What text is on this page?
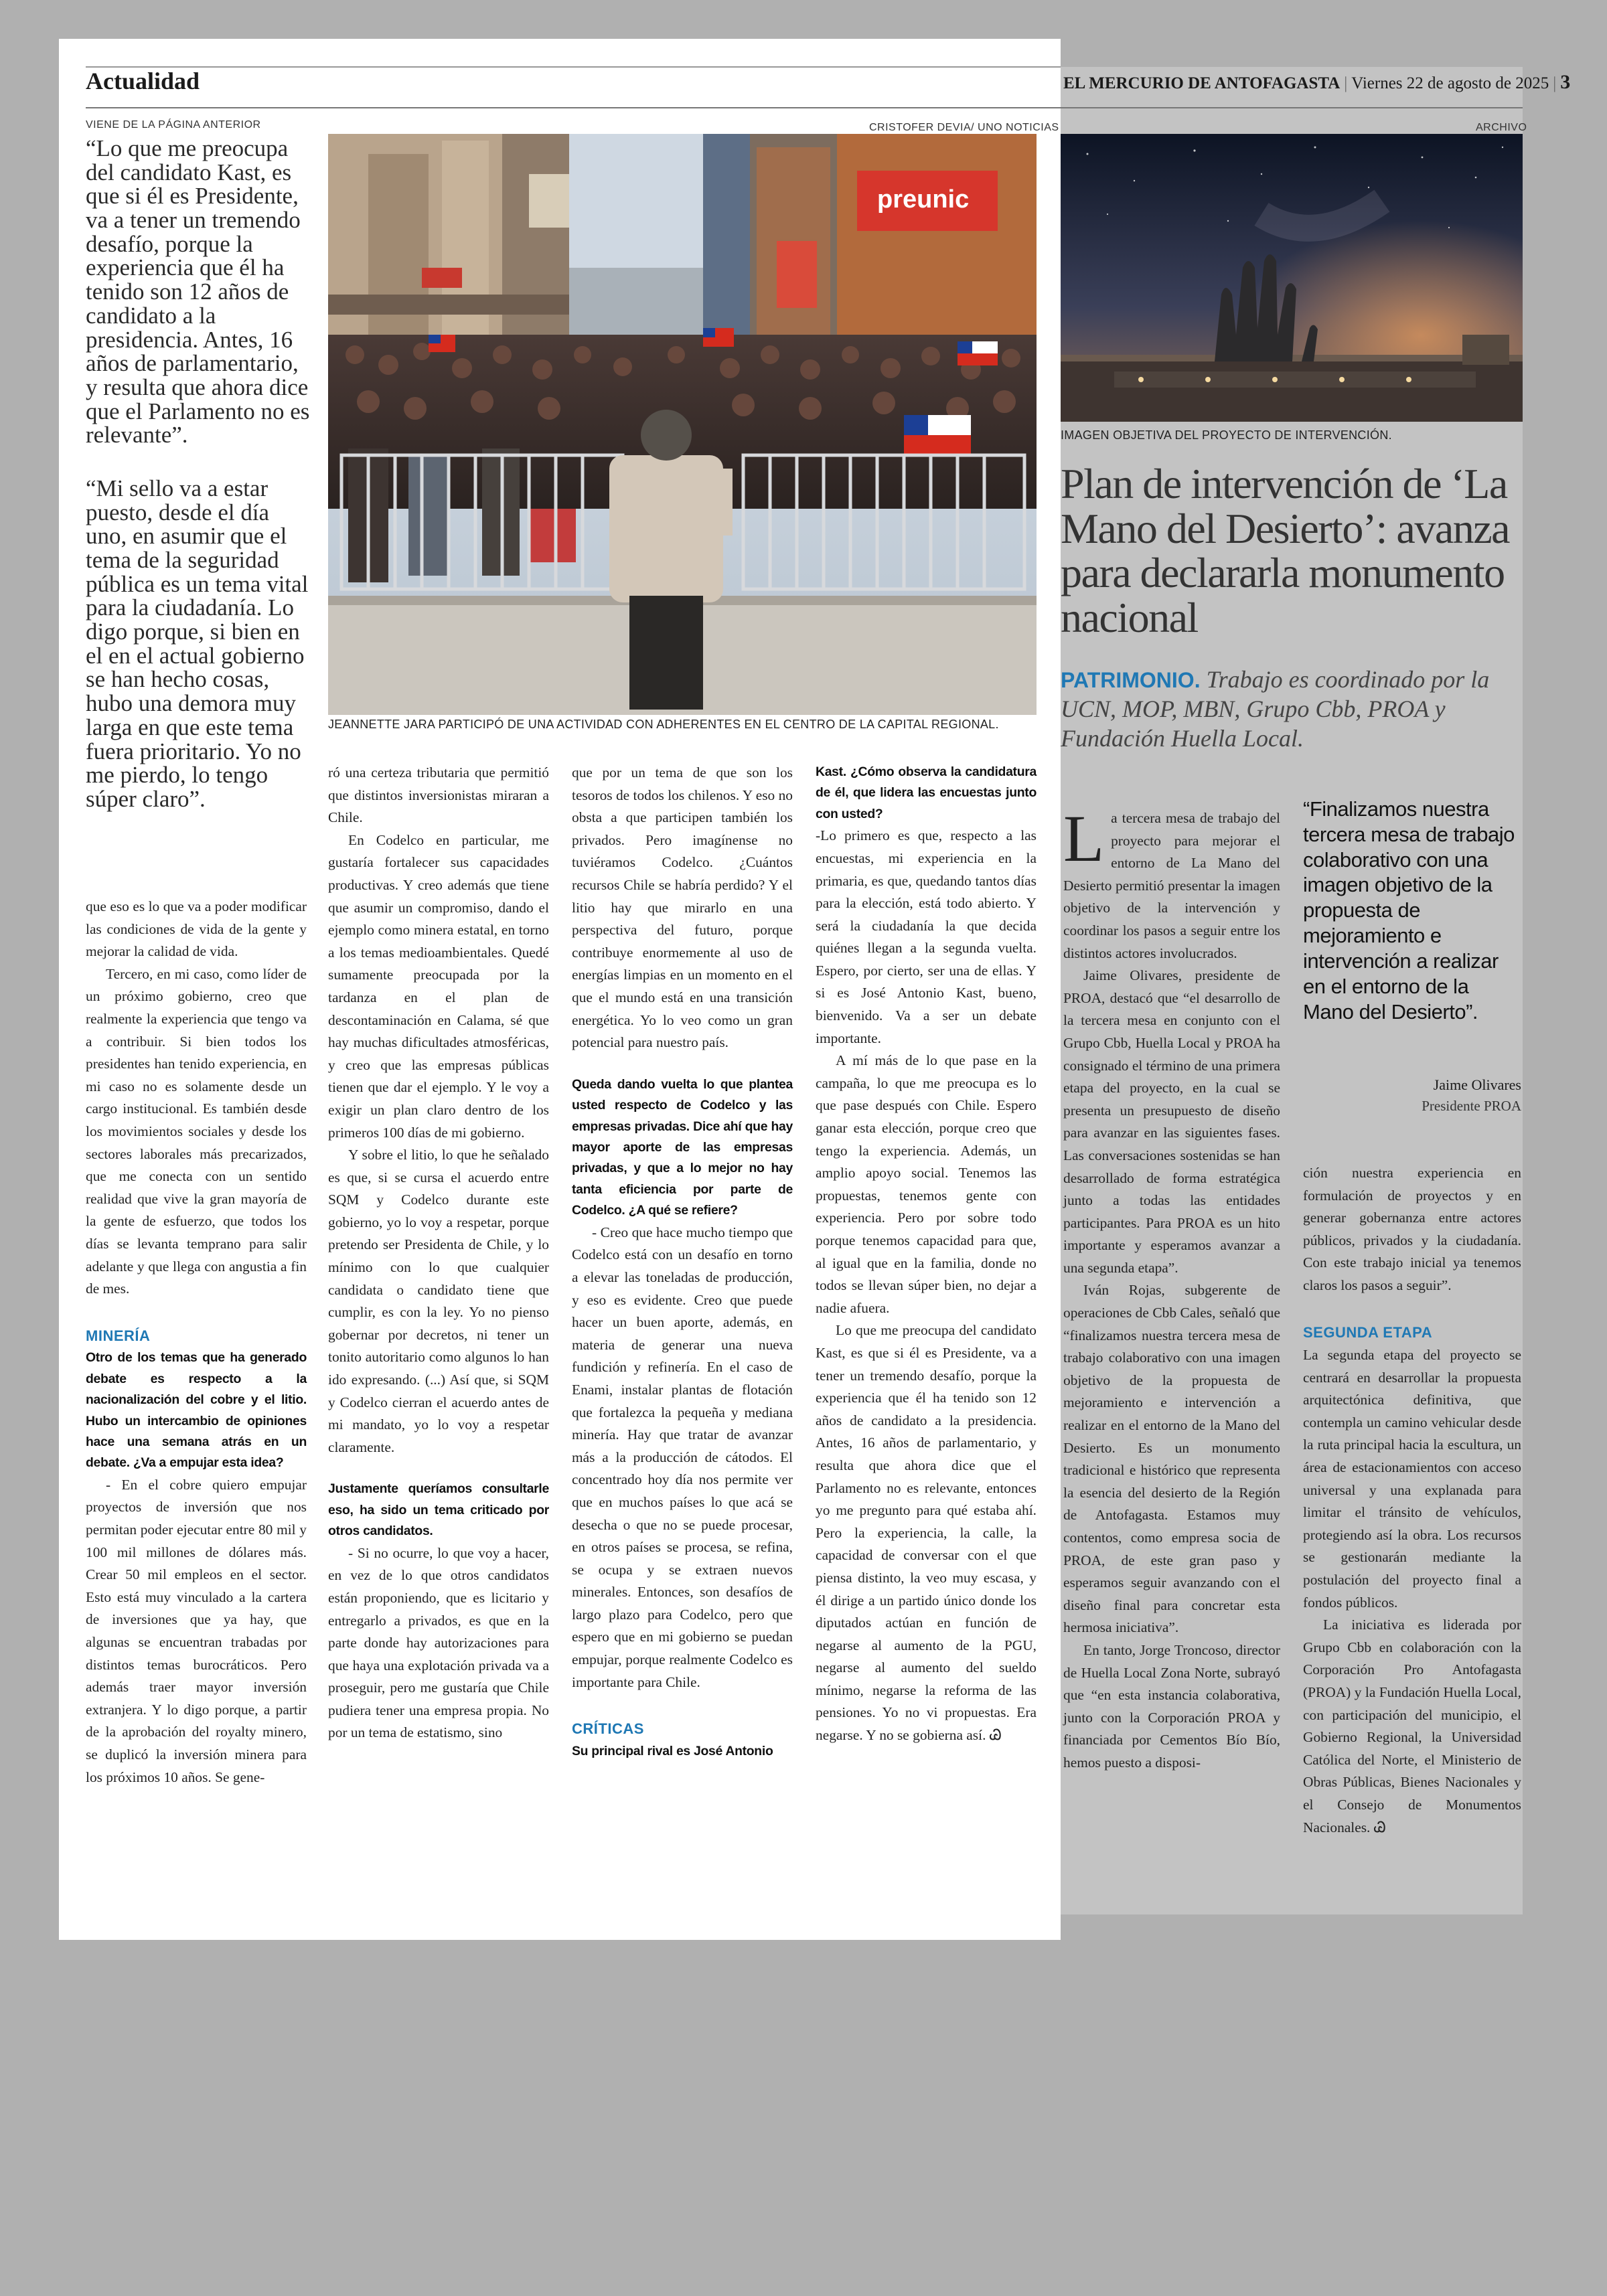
Actualidad	EL MERCURIO DE ANTOFAGASTA | Viernes 22 de agosto de 2025 | 3
VIENE DE LA PÁGINA ANTERIOR	CRISTOFER DEVIA/ UNO NOTICIAS

“Lo que me preocupa del candidato Kast, es que si él es Presidente, va a tener un tremendo desafío, porque la experiencia que él ha tenido son 12 años de candidato a la presidencia. Antes, 16 años de parlamentario, y resulta que ahora dice que el Parlamento no es relevante”.

“Mi sello va a estar puesto, desde el día uno, en asumir que el tema de la seguridad pública es un tema vital para la ciudadanía. Lo digo porque, si bien en el en el actual gobierno se han hecho cosas, hubo una demora muy larga en que este tema fuera prioritario. Yo no me pierdo, lo tengo súper claro”.

preunic
JEANNETTE JARA PARTICIPÓ DE UNA ACTIVIDAD CON ADHERENTES EN EL CENTRO DE LA CAPITAL REGIONAL.

que eso es lo que va a poder modificar las condiciones de vida de la gente y mejorar la calidad de vida.

Tercero, en mi caso, como líder de un próximo gobierno, creo que realmente la experiencia que tengo va a contribuir. Si bien todos los presidentes han tenido experiencia, en mi caso no es solamente desde un cargo institucional. Es también desde los movimientos sociales y desde los sectores laborales más precarizados, que me conecta con un sentido realidad que vive la gran mayoría de la gente de esfuerzo, que todos los días se levanta temprano para salir adelante y que llega con angustia a fin de mes.

MINERÍA

Otro de los temas que ha generado debate es respecto a la nacionalización del cobre y el litio. Hubo un intercambio de opiniones hace una semana atrás en un debate. ¿Va a empujar esta idea?

- En el cobre quiero empujar proyectos de inversión que nos permitan poder ejecutar entre 80 mil y 100 mil millones de dólares más. Crear 50 mil empleos en el sector. Esto está muy vinculado a la cartera de inversiones que ya hay, que algunas se encuentran trabadas por distintos temas burocráticos. Pero además traer mayor inversión extranjera. Y lo digo porque, a partir de la aprobación del royalty minero, se duplicó la inversión minera para los próximos 10 años. Se gene-

ró una certeza tributaria que permitió que distintos inversionistas miraran a Chile.

En Codelco en particular, me gustaría fortalecer sus capacidades productivas. Y creo además que tiene que asumir un compromiso, dando el ejemplo como minera estatal, en torno a los temas medioambientales. Quedé sumamente preocupada por la tardanza en el plan de descontaminación en Calama, sé que hay muchas dificultades atmosféricas, y creo que las empresas públicas tienen que dar el ejemplo. Y le voy a exigir un plan claro dentro de los primeros 100 días de mi gobierno.

Y sobre el litio, lo que he señalado es que, si se cursa el acuerdo entre SQM y Codelco durante este gobierno, yo lo voy a respetar, porque pretendo ser Presidenta de Chile, y lo mínimo con lo que cualquier candidata o candidato tiene que cumplir, es con la ley. Yo no pienso gobernar por decretos, ni tener un tonito autoritario como algunos lo han ido expresando. (...) Así que, si SQM y Codelco cierran el acuerdo antes de mi mandato, yo lo voy a respetar claramente.

Justamente queríamos consultarle eso, ha sido un tema criticado por otros candidatos.

- Si no ocurre, lo que voy a hacer, en vez de lo que otros candidatos están proponiendo, que es licitario y entregarlo a privados, es que en la parte donde hay autorizaciones para que haya una explotación privada va a proseguir, pero me gustaría que Chile pudiera tener una empresa propia. No por un tema de estatismo, sino

que por un tema de que son los tesoros de todos los chilenos. Y eso no obsta a que participen también los privados. Pero imagínense no tuviéramos Codelco. ¿Cuántos recursos Chile se habría perdido? Y el litio hay que mirarlo en una perspectiva del futuro, porque contribuye enormemente al uso de energías limpias en un momento en el que el mundo está en una transición energética. Yo lo veo como un gran potencial para nuestro país.

Queda dando vuelta lo que plantea usted respecto de Codelco y las empresas privadas. Dice ahí que hay mayor aporte de las empresas privadas, y que a lo mejor no hay tanta eficiencia por parte de Codelco. ¿A qué se refiere?

- Creo que hace mucho tiempo que Codelco está con un desafío en torno a elevar las toneladas de producción, y eso es evidente. Creo que puede hacer un buen aporte, además, en materia de generar una nueva fundición y refinería. En el caso de Enami, instalar plantas de flotación que fortalezca la pequeña y mediana minería. Hay que tratar de avanzar más a la producción de cátodos. El concentrado hoy día nos permite ver que en muchos países lo que acá se desecha o que no se puede procesar, en otros países se procesa, se refina, se ocupa y se extraen nuevos minerales. Entonces, son desafíos de largo plazo para Codelco, pero que espero que en mi gobierno se puedan empujar, porque realmente Codelco es importante para Chile.

CRÍTICAS

Su principal rival es José Antonio

Kast. ¿Cómo observa la candidatura de él, que lidera las encuestas junto con usted?

-Lo primero es que, respecto a las encuestas, mi experiencia en la primaria, es que, quedando tantos días para la elección, está todo abierto. Y será la ciudadanía la que decida quiénes llegan a la segunda vuelta. Espero, por cierto, ser una de ellas. Y si es José Antonio Kast, bueno, bienvenido. Va a ser un debate importante.

A mí más de lo que pase en la campaña, lo que me preocupa es lo que pase después con Chile. Espero ganar esta elección, porque creo que tengo la experiencia. Además, un amplio apoyo social. Tenemos las propuestas, tenemos gente con experiencia. Pero por sobre todo porque tenemos capacidad para que, al igual que en la familia, donde no todos se llevan súper bien, no dejar a nadie afuera.

Lo que me preocupa del candidato Kast, es que si él es Presidente, va a tener un tremendo desafío, porque la experiencia que él ha tenido son 12 años de candidato a la presidencia. Antes, 16 años de parlamentario, y resulta que ahora dice que el Parlamento no es relevante, entonces yo me pregunto para qué estaba ahí. Pero la experiencia, la calle, la capacidad de conversar con el que piensa distinto, la veo muy escasa, y él dirige a un partido único donde los diputados actúan en función de negarse al aumento de la PGU, negarse al aumento del sueldo mínimo, negarse la reforma de las pensiones. Yo no vi propuestas. Era negarse. Y no se gobierna así. Ꮚ

ARCHIVO
IMAGEN OBJETIVA DEL PROYECTO DE INTERVENCIÓN.
Plan de intervención de ‘La Mano del Desierto’: avanza para declararla monumento nacional
PATRIMONIO. Trabajo es coordinado por la UCN, MOP, MBN, Grupo Cbb, PROA y Fundación Huella Local.

La tercera mesa de trabajo del proyecto para mejorar el entorno de La Mano del Desierto permitió presentar la imagen objetivo de la intervención y coordinar los pasos a seguir entre los distintos actores involucrados.

Jaime Olivares, presidente de PROA, destacó que “el desarrollo de la tercera mesa en conjunto con el Grupo Cbb, Huella Local y PROA ha consignado el término de una primera etapa del proyecto, en la cual se presenta un presupuesto de diseño para avanzar en las siguientes fases. Las conversaciones sostenidas se han desarrollado de forma estratégica junto a todas las entidades participantes. Para PROA es un hito importante y esperamos avanzar a una segunda etapa”.

Iván Rojas, subgerente de operaciones de Cbb Cales, señaló que “finalizamos nuestra tercera mesa de trabajo colaborativo con una imagen objetivo de la propuesta de mejoramiento e intervención a realizar en el entorno de la Mano del Desierto. Es un monumento tradicional e histórico que representa la esencia del desierto de la Región de Antofagasta. Estamos muy contentos, como empresa socia de PROA, de este gran paso y esperamos seguir avanzando con el diseño final para concretar esta hermosa iniciativa”.

En tanto, Jorge Troncoso, director de Huella Local Zona Norte, subrayó que “en esta instancia colaborativa, junto con la Corporación PROA y financiada por Cementos Bío Bío, hemos puesto a disposi-

“Finalizamos nuestra tercera mesa de trabajo colaborativo con una imagen objetivo de la propuesta de mejoramiento e intervención a realizar en el entorno de la Mano del Desierto”.
Jaime Olivares
Presidente PROA

ción nuestra experiencia en formulación de proyectos y en generar gobernanza entre actores públicos, privados y la ciudadanía. Con este trabajo inicial ya tenemos claros los pasos a seguir”.

SEGUNDA ETAPA

La segunda etapa del proyecto se centrará en desarrollar la propuesta arquitectónica definitiva, que contempla un camino vehicular desde la ruta principal hacia la escultura, un área de estacionamientos con acceso universal y una explanada para limitar el tránsito de vehículos, protegiendo así la obra. Los recursos se gestionarán mediante la postulación del proyecto final a fondos públicos.

La iniciativa es liderada por Grupo Cbb en colaboración con la Corporación Pro Antofagasta (PROA) y la Fundación Huella Local, con participación del municipio, el Gobierno Regional, la Universidad Católica del Norte, el Ministerio de Obras Públicas, Bienes Nacionales y el Consejo de Monumentos Nacionales. Ꮚ
